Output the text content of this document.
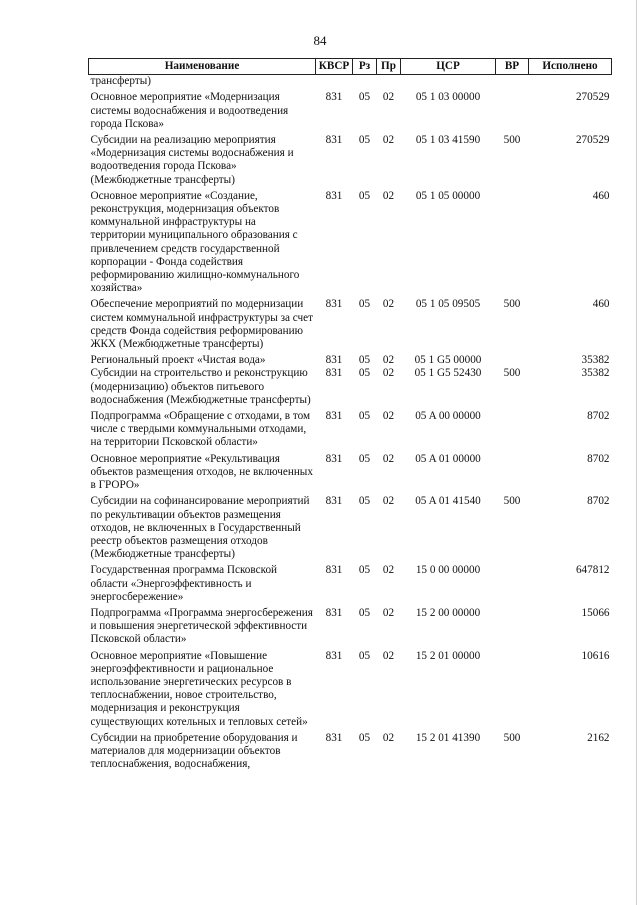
84
Наименование	КВСР	Рз	Пр	ЦСР	ВР	Исполнено
трансферты)						
Основное мероприятие «Модернизация системы водоснабжения и водоотведения города Пскова»	831	05	02	05 1 03 00000		270529
Субсидии на реализацию мероприятия «Модернизация системы водоснабжения и водоотведения города Пскова» (Межбюджетные трансферты)	831	05	02	05 1 03 41590	500	270529
Основное мероприятие «Создание, реконструкция, модернизация объектов коммунальной инфраструктуры на территории муниципального образования с привлечением средств государственной корпорации - Фонда содействия реформированию жилищно-коммунального хозяйства»	831	05	02	05 1 05 00000		460
Обеспечение мероприятий по модернизации систем коммунальной инфраструктуры за счет средств Фонда содействия реформированию ЖКХ (Межбюджетные трансферты)	831	05	02	05 1 05 09505	500	460
Региональный проект «Чистая вода»	831	05	02	05 1 G5 00000		35382
Субсидии на строительство и реконструкцию (модернизацию) объектов питьевого водоснабжения (Межбюджетные трансферты)	831	05	02	05 1 G5 52430	500	35382
Подпрограмма «Обращение с отходами, в том числе с твердыми коммунальными отходами, на территории Псковской области»	831	05	02	05 A 00 00000		8702
Основное мероприятие «Рекультивация объектов размещения отходов, не включенных в ГРОРО»	831	05	02	05 A 01 00000		8702
Субсидии на софинансирование мероприятий по рекультивации объектов размещения отходов, не включенных в Государственный реестр объектов размещения отходов (Межбюджетные трансферты)	831	05	02	05 A 01 41540	500	8702
Государственная программа Псковской области «Энергоэффективность и энергосбережение»	831	05	02	15 0 00 00000		647812
Подпрограмма «Программа энергосбережения и повышения энергетической эффективности Псковской области»	831	05	02	15 2 00 00000		15066
Основное мероприятие «Повышение энергоэффективности и рациональное использование энергетических ресурсов в теплоснабжении, новое строительство, модернизация и реконструкция существующих котельных и тепловых сетей»	831	05	02	15 2 01 00000		10616
Субсидии на приобретение оборудования и материалов для модернизации объектов теплоснабжения, водоснабжения,	831	05	02	15 2 01 41390	500	2162
